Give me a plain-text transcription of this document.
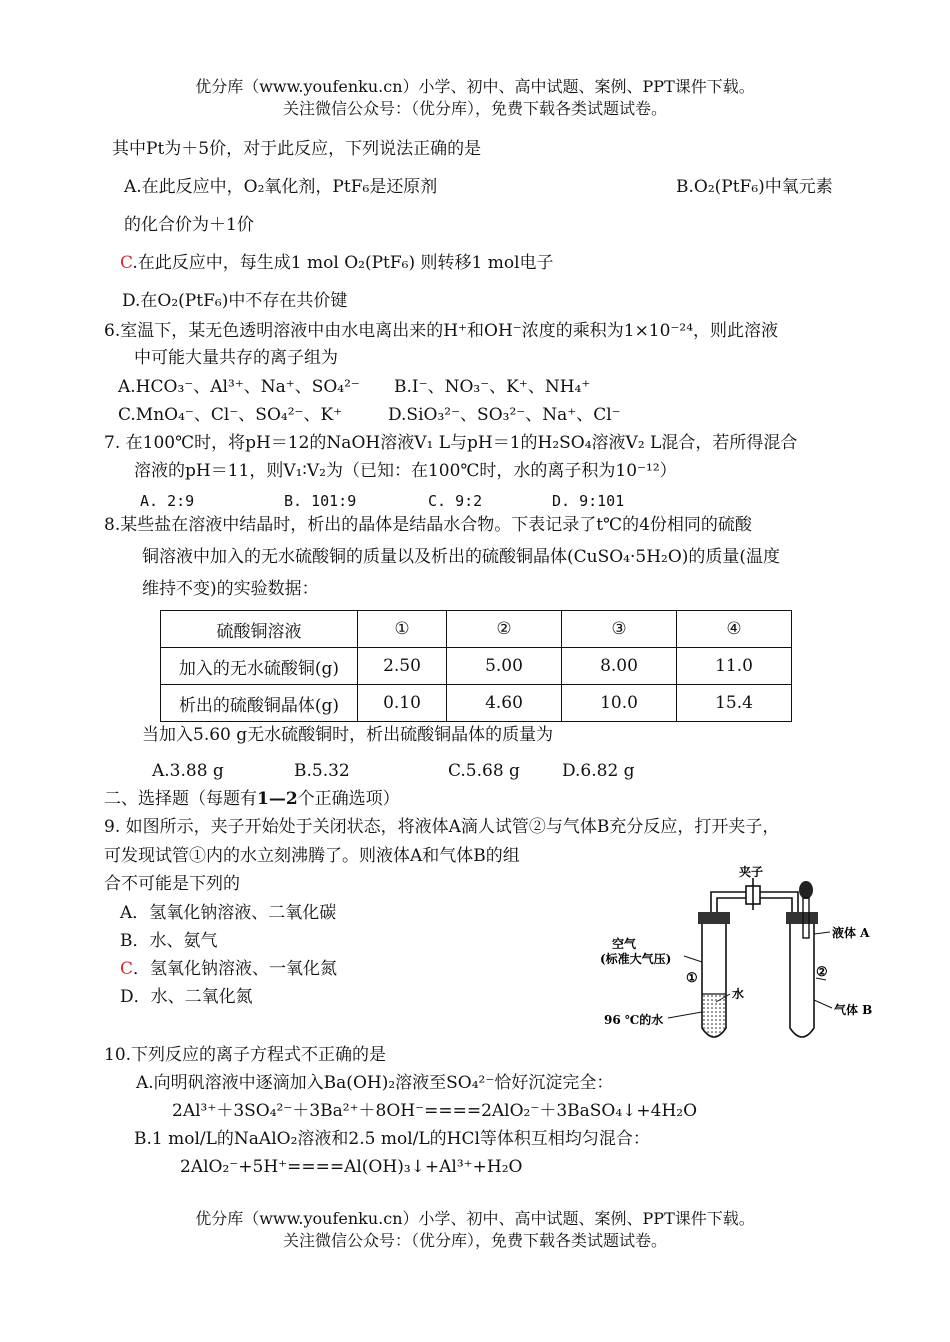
优分库（www.youfenku.cn）小学、初中、高中试题、案例、PPT课件下载。
关注微信公众号：（优分库），免费下载各类试题试卷。
其中Pt为＋5价，对于此反应，下列说法正确的是
A.在此反应中，O₂氧化剂，PtF₆是还原剂	B.O₂(PtF₆)中氧元素
的化合价为＋1价
C.在此反应中，每生成1 mol O₂(PtF₆) 则转移1 mol电子
D.在O₂(PtF₆)中不存在共价键
6.室温下，某无色透明溶液中由水电离出来的H⁺和OH⁻浓度的乘积为1×10⁻²⁴，则此溶液
中可能大量共存的离子组为
A.HCO₃⁻、Al³⁺、Na⁺、SO₄²⁻ B.I⁻、NO₃⁻、K⁺、NH₄⁺
C.MnO₄⁻、Cl⁻、SO₄²⁻、K⁺	D.SiO₃²⁻、SO₃²⁻、Na⁺、Cl⁻
7. 在100℃时，将pH＝12的NaOH溶液V₁ L与pH＝1的H₂SO₄溶液V₂ L混合，若所得混合
溶液的pH＝11，则V₁∶V₂为（已知：在100℃时，水的离子积为10⁻¹²）
A. 2:9	B. 101:9	C. 9:2	D. 9:101
8.某些盐在溶液中结晶时，析出的晶体是结晶水合物。下表记录了t℃的4份相同的硫酸
铜溶液中加入的无水硫酸铜的质量以及析出的硫酸铜晶体(CuSO₄·5H₂O)的质量(温度
维持不变)的实验数据：
硫酸铜溶液	①	②	③	④
加入的无水硫酸铜(g)	2.50	5.00	8.00	11.0
析出的硫酸铜晶体(g)	0.10	4.60	10.0	15.4
当加入5.60 g无水硫酸铜时，析出硫酸铜晶体的质量为
A.3.88 g	B.5.32	C.5.68 g D.6.82 g
二、选择题（每题有1—2个正确选项）
9. 如图所示，夹子开始处于关闭状态，将液体A滴人试管②与气体B充分反应，打开夹子，
可发现试管①内的水立刻沸腾了。则液体A和气体B的组
合不可能是下列的
A．氢氧化钠溶液、二氧化碳
B．水、氨气
C．氢氧化钠溶液、一氧化氮
D．水、二氧化氮
夹子
空气
(标准大气压)
①
水
96 ℃的水
液体 A
②
气体 B
10.下列反应的离子方程式不正确的是
A.向明矾溶液中逐滴加入Ba(OH)₂溶液至SO₄²⁻恰好沉淀完全：
2Al³⁺＋3SO₄²⁻＋3Ba²⁺＋8OH⁻====2AlO₂⁻＋3BaSO₄↓+4H₂O
B.1 mol/L的NaAlO₂溶液和2.5 mol/L的HCl等体积互相均匀混合：
2AlO₂⁻+5H⁺====Al(OH)₃↓+Al³⁺+H₂O
优分库（www.youfenku.cn）小学、初中、高中试题、案例、PPT课件下载。
关注微信公众号：（优分库），免费下载各类试题试卷。
